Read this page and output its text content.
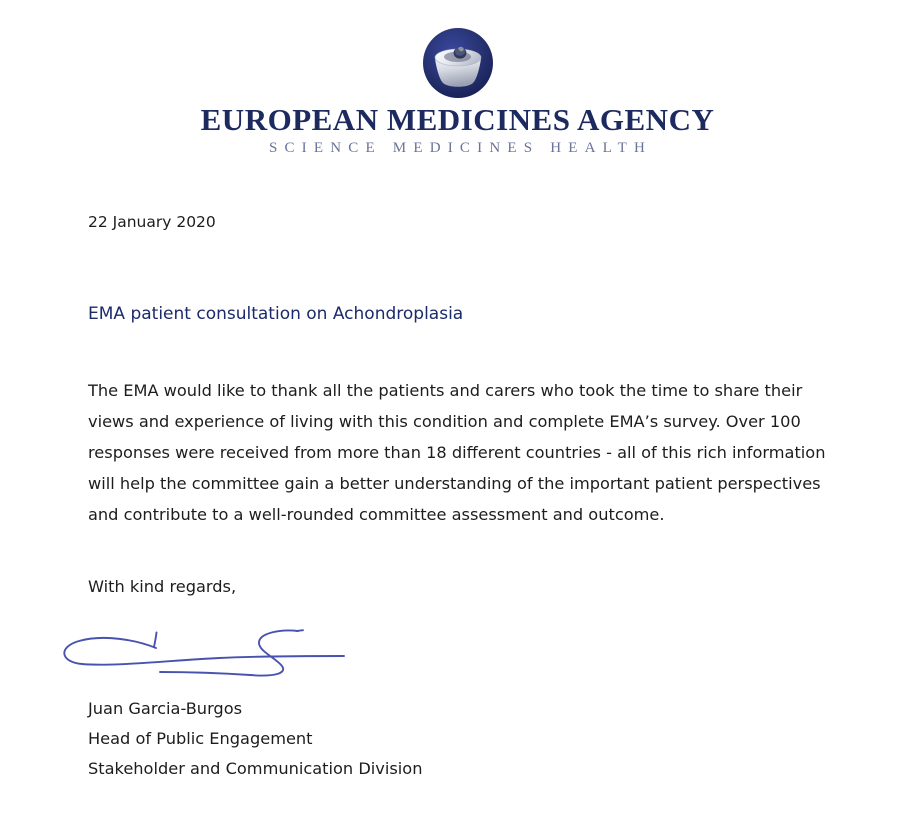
EUROPEAN MEDICINES AGENCY
SCIENCE MEDICINES HEALTH
22 January 2020
EMA patient consultation on Achondroplasia

The EMA would like to thank all the patients and carers who took the time to share their views and experience of living with this condition and complete EMA’s survey. Over 100 responses were received from more than 18 different countries - all of this rich information will help the committee gain a better understanding of the important patient perspectives and contribute to a well-rounded committee assessment and outcome.

With kind regards,
Juan Garcia-Burgos
Head of Public Engagement
Stakeholder and Communication Division
